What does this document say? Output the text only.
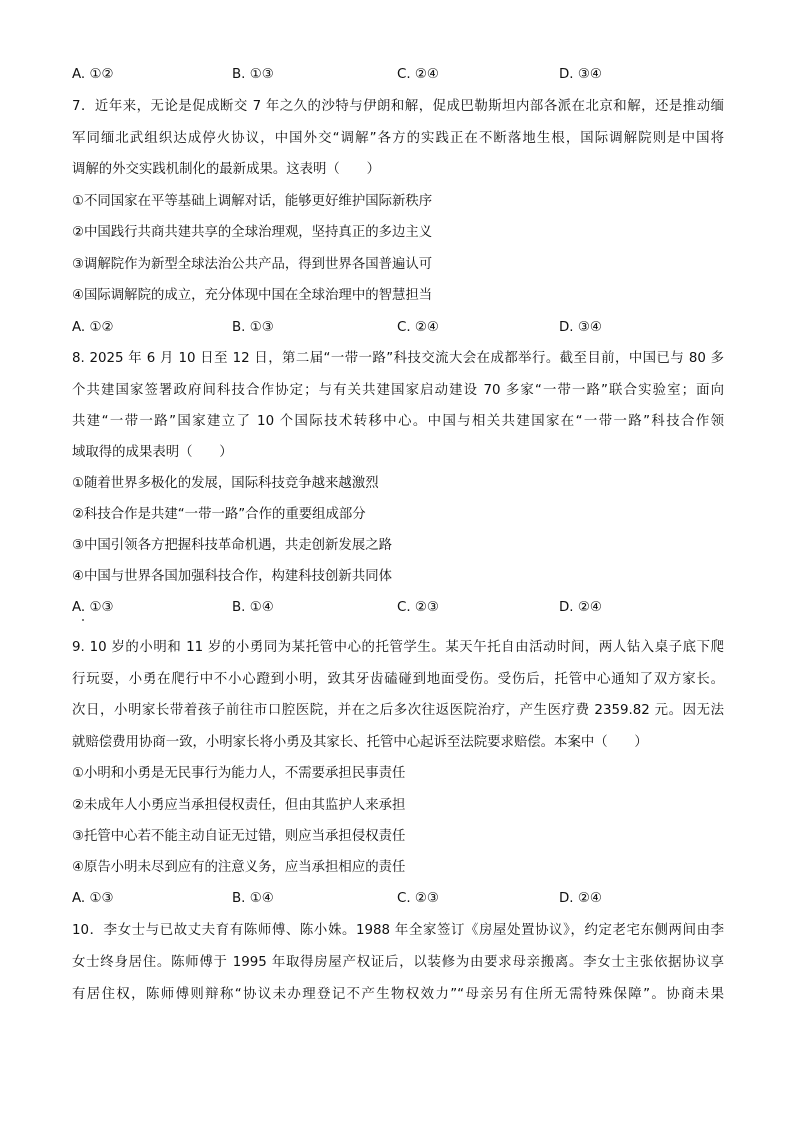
A. ①②	B. ①③	C. ②④	D. ③④
7．近年来，无论是促成断交 7 年之久的沙特与伊朗和解，促成巴勒斯坦内部各派在北京和解，还是推动缅
军同缅北武组织达成停火协议，中国外交“调解”各方的实践正在不断落地生根，国际调解院则是中国将
调解的外交实践机制化的最新成果。这表明（　　）
①不同国家在平等基础上调解对话，能够更好维护国际新秩序
②中国践行共商共建共享的全球治理观，坚持真正的多边主义
③调解院作为新型全球法治公共产品，得到世界各国普遍认可
④国际调解院的成立，充分体现中国在全球治理中的智慧担当
A. ①②	B. ①③	C. ②④	D. ③④
8. 2025 年 6 月 10 日至 12 日，第二届“一带一路”科技交流大会在成都举行。截至目前，中国已与 80 多
个共建国家签署政府间科技合作协定；与有关共建国家启动建设 70 多家“一带一路”联合实验室；面向
共建“一带一路”国家建立了 10 个国际技术转移中心。中国与相关共建国家在“一带一路”科技合作领
域取得的成果表明（　　）
①随着世界多极化的发展，国际科技竞争越来越激烈
②科技合作是共建“一带一路”合作的重要组成部分
③中国引领各方把握科技革命机遇，共走创新发展之路
④中国与世界各国加强科技合作，构建科技创新共同体
A. ①③	B. ①④	C. ②③	D. ②④
9. 10 岁的小明和 11 岁的小勇同为某托管中心的托管学生。某天午托自由活动时间，两人钻入桌子底下爬
行玩耍，小勇在爬行中不小心蹬到小明，致其牙齿磕碰到地面受伤。受伤后，托管中心通知了双方家长。
次日，小明家长带着孩子前往市口腔医院，并在之后多次往返医院治疗，产生医疗费 2359.82 元。因无法
就赔偿费用协商一致，小明家长将小勇及其家长、托管中心起诉至法院要求赔偿。本案中（　　）
①小明和小勇是无民事行为能力人，不需要承担民事责任
②未成年人小勇应当承担侵权责任，但由其监护人来承担
③托管中心若不能主动自证无过错，则应当承担侵权责任
④原告小明未尽到应有的注意义务，应当承担相应的责任
A. ①③	B. ①④	C. ②③	D. ②④
10．李女士与已故丈夫育有陈师傅、陈小姝。1988 年全家签订《房屋处置协议》，约定老宅东侧两间由李
女士终身居住。陈师傅于 1995 年取得房屋产权证后，以装修为由要求母亲搬离。李女士主张依据协议享
有居住权，陈师傅则辩称“协议未办理登记不产生物权效力”“母亲另有住所无需特殊保障”。协商未果
